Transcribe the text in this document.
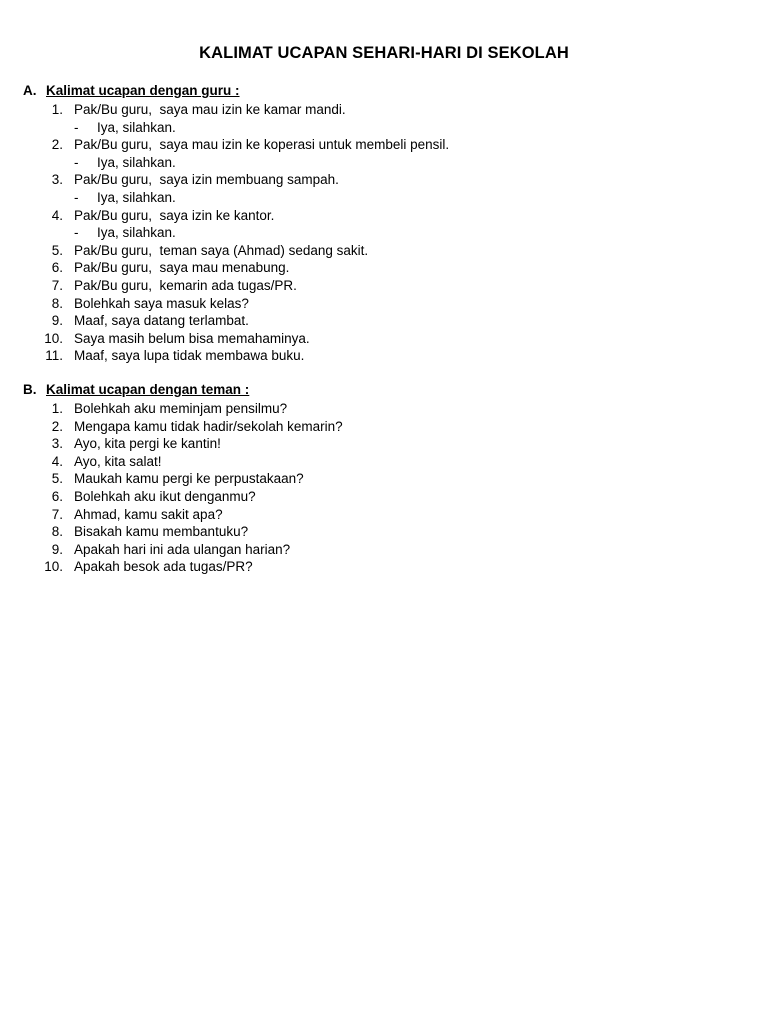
KALIMAT UCAPAN SEHARI-HARI DI SEKOLAH
A. Kalimat ucapan dengan guru :
1. Pak/Bu guru,  saya mau izin ke kamar mandi.
- Iya, silahkan.
2. Pak/Bu guru,  saya mau izin ke koperasi untuk membeli pensil.
- Iya, silahkan.
3. Pak/Bu guru,  saya izin membuang sampah.
- Iya, silahkan.
4. Pak/Bu guru,  saya izin ke kantor.
- Iya, silahkan.
5. Pak/Bu guru,  teman saya (Ahmad) sedang sakit.
6. Pak/Bu guru,  saya mau menabung.
7. Pak/Bu guru,  kemarin ada tugas/PR.
8. Bolehkah saya masuk kelas?
9. Maaf, saya datang terlambat.
10. Saya masih belum bisa memahaminya.
11. Maaf, saya lupa tidak membawa buku.
B. Kalimat ucapan dengan teman :
1. Bolehkah aku meminjam pensilmu?
2. Mengapa kamu tidak hadir/sekolah kemarin?
3. Ayo, kita pergi ke kantin!
4. Ayo, kita salat!
5. Maukah kamu pergi ke perpustakaan?
6. Bolehkah aku ikut denganmu?
7. Ahmad, kamu sakit apa?
8. Bisakah kamu membantuku?
9. Apakah hari ini ada ulangan harian?
10. Apakah besok ada tugas/PR?
